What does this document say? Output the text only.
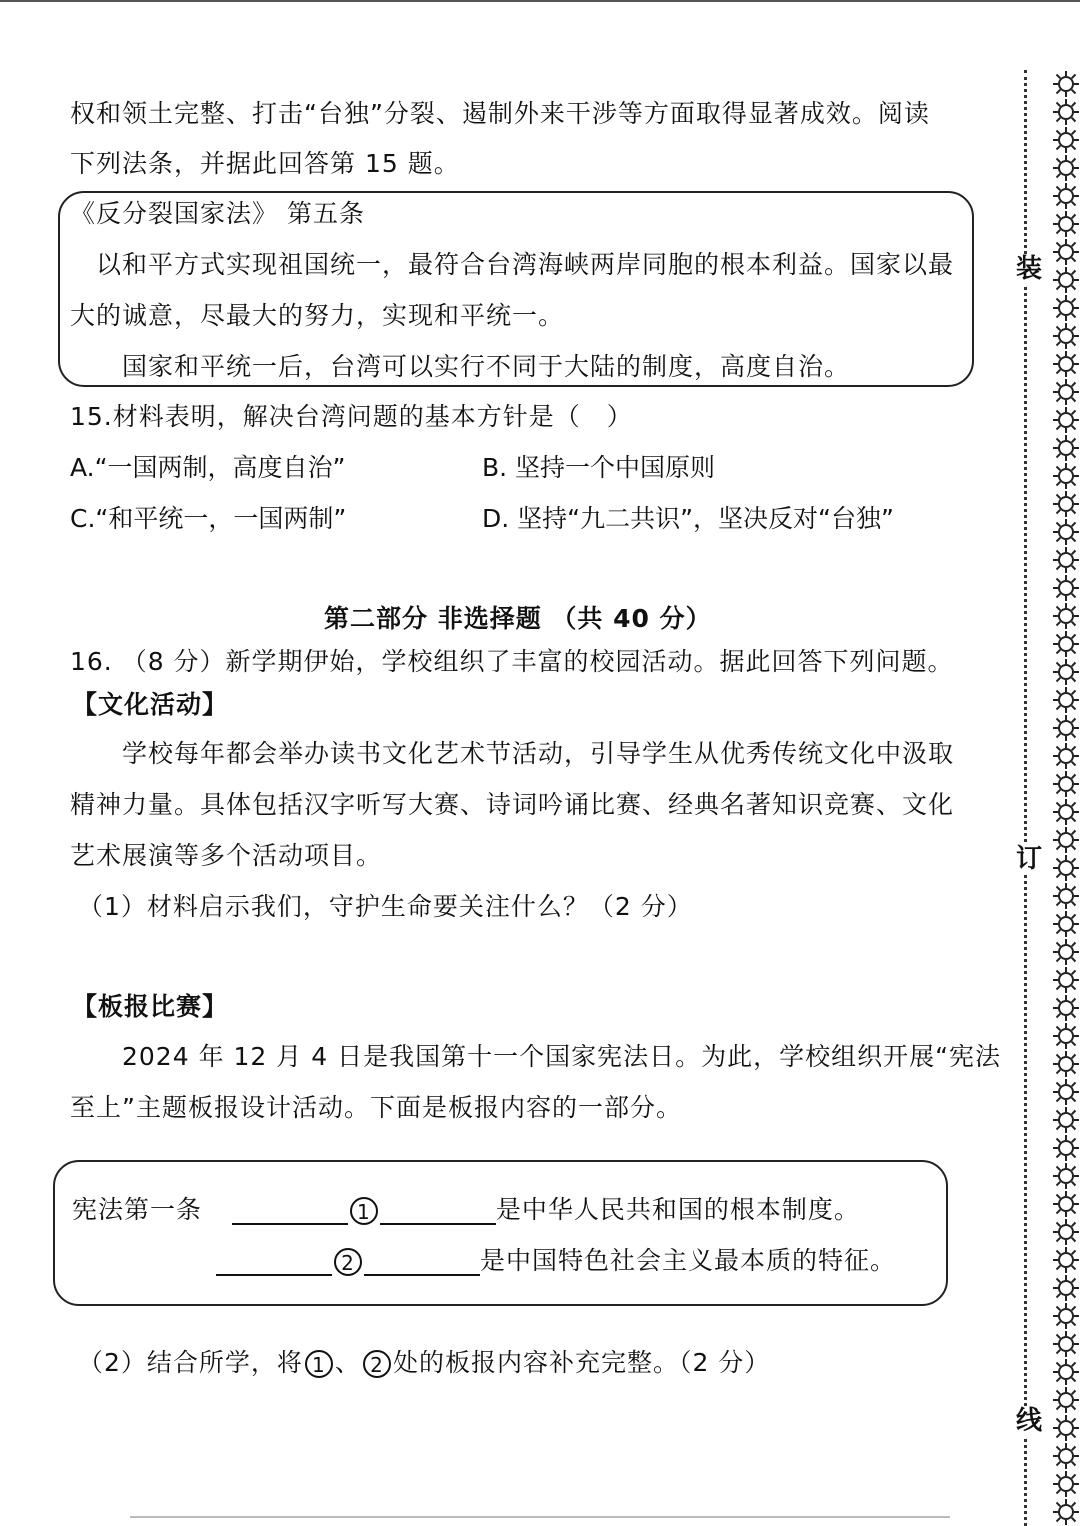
权和领土完整、打击“台独”分裂、遏制外来干涉等方面取得显著成效。阅读
下列法条，并据此回答第 15 题。
《反分裂国家法》 第五条
以和平方式实现祖国统一，最符合台湾海峡两岸同胞的根本利益。国家以最
大的诚意，尽最大的努力，实现和平统一。
国家和平统一后，台湾可以实行不同于大陆的制度，高度自治。
15.材料表明，解决台湾问题的基本方针是（　）
A.“一国两制，高度自治”	B. 坚持一个中国原则
C.“和平统一，一国两制”	D. 坚持“九二共识”，坚决反对“台独”
第二部分 非选择题 （共 40 分）
16. （8 分）新学期伊始，学校组织了丰富的校园活动。据此回答下列问题。
【文化活动】
学校每年都会举办读书文化艺术节活动，引导学生从优秀传统文化中汲取
精神力量。具体包括汉字听写大赛、诗词吟诵比赛、经典名著知识竞赛、文化
艺术展演等多个活动项目。
（1）材料启示我们，守护生命要关注什么？（2 分）
【板报比赛】
2024 年 12 月 4 日是我国第十一个国家宪法日。为此，学校组织开展“宪法
至上”主题板报设计活动。下面是板报内容的一部分。
宪法第一条	1	是中华人民共和国的根本制度。
2	是中国特色社会主义最本质的特征。
（2）结合所学，将 1 、 2 处的板报内容补充完整。（2 分）
装
订
线
